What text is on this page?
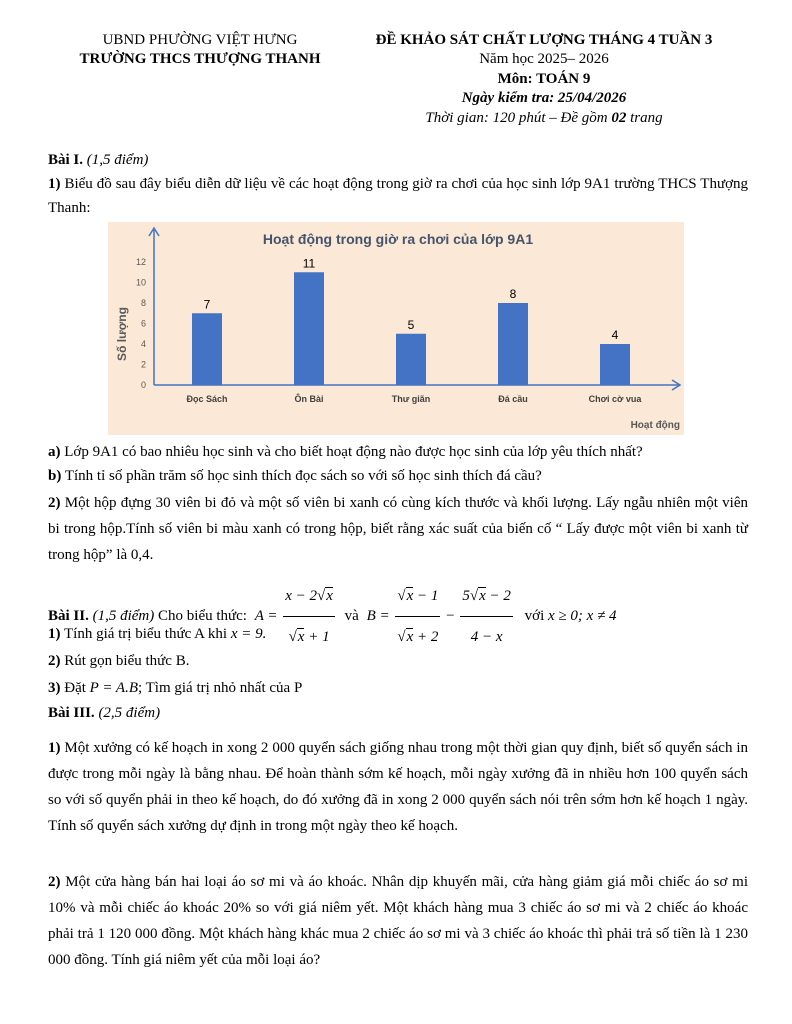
UBND PHƯỜNG VIỆT HƯNG
TRƯỜNG THCS THƯỢNG THANH
ĐỀ KHẢO SÁT CHẤT LƯỢNG THÁNG 4 TUẦN 3
Năm học 2025– 2026
Môn: TOÁN 9
Ngày kiểm tra: 25/04/2026
Thời gian: 120 phút – Đề gồm 02 trang
Bài I. (1,5 điểm)
1) Biểu đồ sau đây biểu diễn dữ liệu về các hoạt động trong giờ ra chơi của học sinh lớp 9A1 trường THCS Thượng Thanh:
Hoạt động trong giờ ra chơi của lớp 9A1
0
2
4
6
8
10
12
7
Đọc Sách
11
Ôn Bài
5
Thư giãn
8
Đá cầu
4
Chơi cờ vua
Số lượng
Hoạt động
a) Lớp 9A1 có bao nhiêu học sinh và cho biết hoạt động nào được học sinh của lớp yêu thích nhất?
b) Tính tỉ số phần trăm số học sinh thích đọc sách so với số học sinh thích đá cầu?
2) Một hộp đựng 30 viên bi đỏ và một số viên bi xanh có cùng kích thước và khối lượng. Lấy ngẫu nhiên một viên bi trong hộp.Tính số viên bi màu xanh có trong hộp, biết rằng xác suất của biến cố “ Lấy được một viên bi xanh từ trong hộp” là 0,4.
Bài II. (1,5 điểm) Cho biểu thức: $A = \frac{x - 2√x}{√x + 1}$ và $B = \frac{√x - 1}{√x + 2} - \frac{5√x - 2}{4 - x}$ với x ≥ 0; x ≠ 4
1) Tính giá trị biểu thức A khi x = 9.
2) Rút gọn biểu thức B.
3) Đặt P = A.B; Tìm giá trị nhỏ nhất của P
Bài III. (2,5 điểm)
1) Một xưởng có kế hoạch in xong 2 000 quyển sách giống nhau trong một thời gian quy định, biết số quyển sách in được trong mỗi ngày là bằng nhau. Để hoàn thành sớm kế hoạch, mỗi ngày xưởng đã in nhiều hơn 100 quyển sách so với số quyển phải in theo kế hoạch, do đó xưởng đã in xong 2 000 quyển sách nói trên sớm hơn kế hoạch 1 ngày. Tính số quyển sách xưởng dự định in trong một ngày theo kế hoạch.
2) Một cửa hàng bán hai loại áo sơ mi và áo khoác. Nhân dịp khuyến mãi, cửa hàng giảm giá mỗi chiếc áo sơ mi 10% và mỗi chiếc áo khoác 20% so với giá niêm yết. Một khách hàng mua 3 chiếc áo sơ mi và 2 chiếc áo khoác phải trả 1 120 000 đồng. Một khách hàng khác mua 2 chiếc áo sơ mi và 3 chiếc áo khoác thì phải trả số tiền là 1 230 000 đồng. Tính giá niêm yết của mỗi loại áo?
